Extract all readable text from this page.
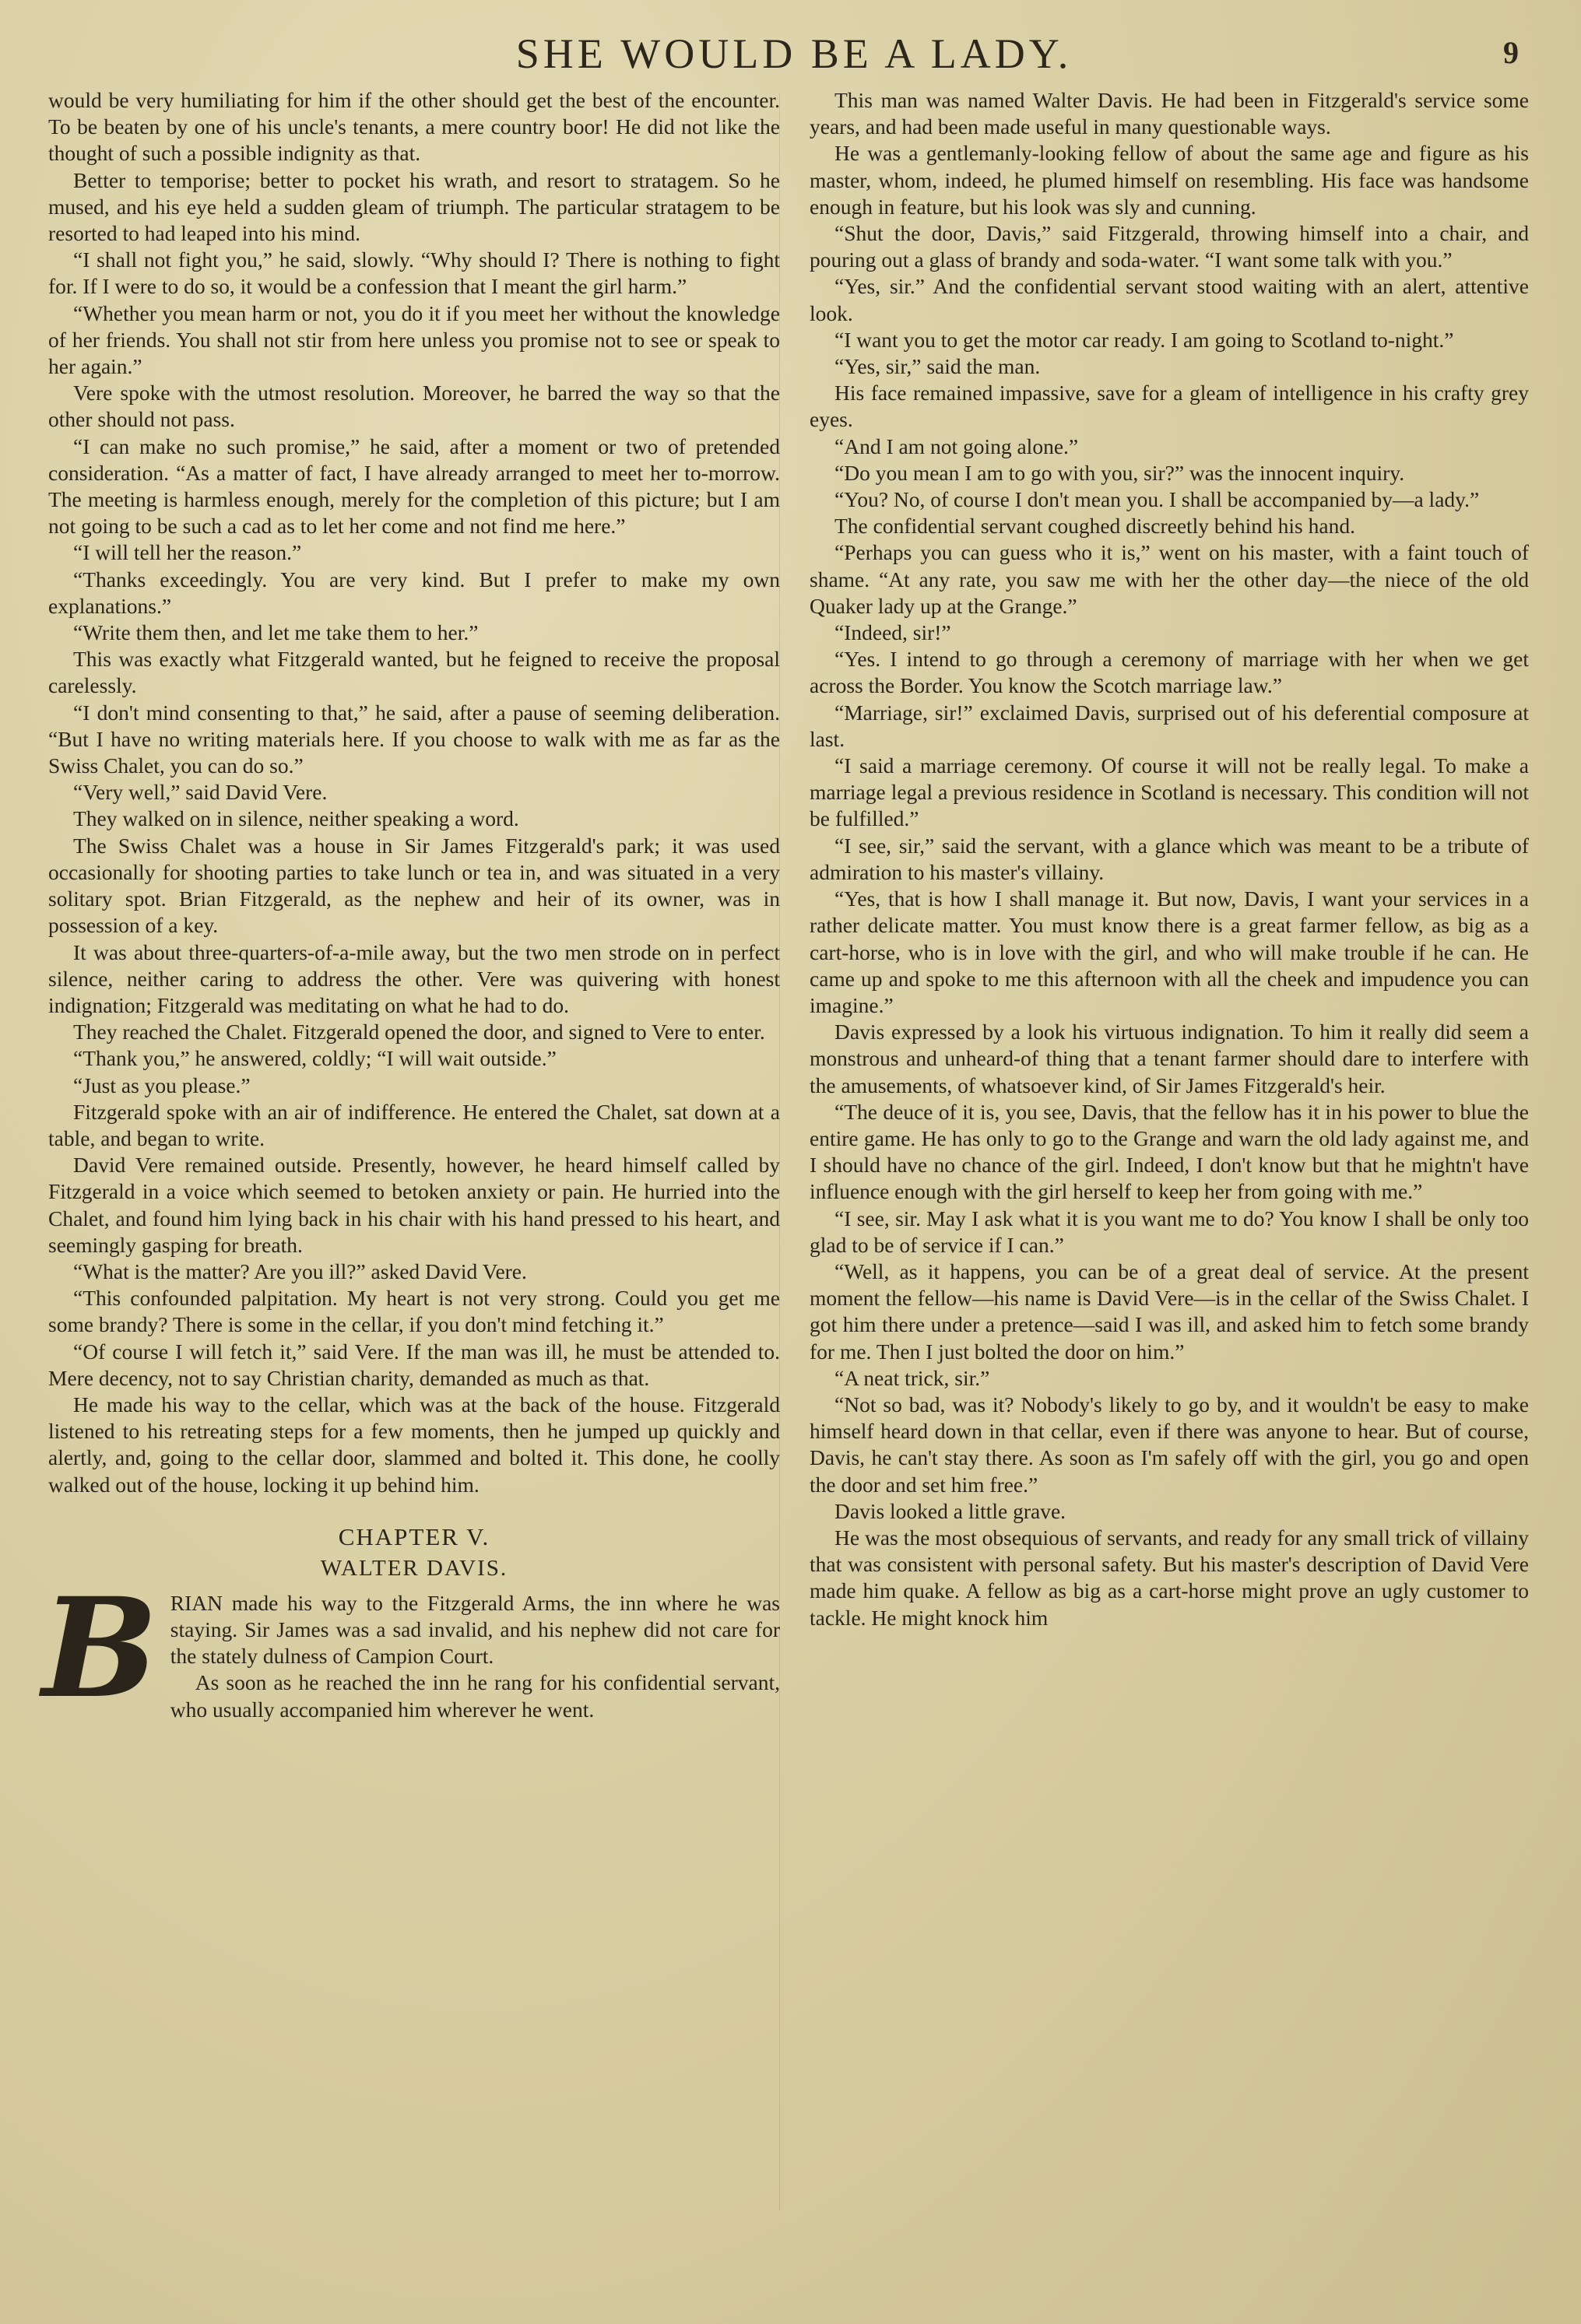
SHE WOULD BE A LADY.	9

would be very humiliating for him if the other should get the best of the encounter. To be beaten by one of his uncle's tenants, a mere country boor! He did not like the thought of such a possible indignity as that.

Better to temporise; better to pocket his wrath, and resort to stratagem. So he mused, and his eye held a sudden gleam of triumph. The particular stratagem to be resorted to had leaped into his mind.

“I shall not fight you,” he said, slowly. “Why should I? There is nothing to fight for. If I were to do so, it would be a confession that I meant the girl harm.”

“Whether you mean harm or not, you do it if you meet her without the knowledge of her friends. You shall not stir from here unless you promise not to see or speak to her again.”

Vere spoke with the utmost resolution. Moreover, he barred the way so that the other should not pass.

“I can make no such promise,” he said, after a moment or two of pretended consideration. “As a matter of fact, I have already arranged to meet her to-morrow. The meeting is harmless enough, merely for the completion of this picture; but I am not going to be such a cad as to let her come and not find me here.”

“I will tell her the reason.”

“Thanks exceedingly. You are very kind. But I prefer to make my own explanations.”

“Write them then, and let me take them to her.”

This was exactly what Fitzgerald wanted, but he feigned to receive the proposal carelessly.

“I don't mind consenting to that,” he said, after a pause of seeming deliberation. “But I have no writing materials here. If you choose to walk with me as far as the Swiss Chalet, you can do so.”

“Very well,” said David Vere.

They walked on in silence, neither speaking a word.

The Swiss Chalet was a house in Sir James Fitzgerald's park; it was used occasionally for shooting parties to take lunch or tea in, and was situated in a very solitary spot. Brian Fitzgerald, as the nephew and heir of its owner, was in possession of a key.

It was about three-quarters-of-a-mile away, but the two men strode on in perfect silence, neither caring to address the other. Vere was quivering with honest indignation; Fitzgerald was meditating on what he had to do.

They reached the Chalet. Fitzgerald opened the door, and signed to Vere to enter.

“Thank you,” he answered, coldly; “I will wait outside.”

“Just as you please.”

Fitzgerald spoke with an air of indifference. He entered the Chalet, sat down at a table, and began to write.

David Vere remained outside. Presently, however, he heard himself called by Fitzgerald in a voice which seemed to betoken anxiety or pain. He hurried into the Chalet, and found him lying back in his chair with his hand pressed to his heart, and seemingly gasping for breath.

“What is the matter? Are you ill?” asked David Vere.

“This confounded palpitation. My heart is not very strong. Could you get me some brandy? There is some in the cellar, if you don't mind fetching it.”

“Of course I will fetch it,” said Vere. If the man was ill, he must be attended to. Mere decency, not to say Christian charity, demanded as much as that.

He made his way to the cellar, which was at the back of the house. Fitzgerald listened to his retreating steps for a few moments, then he jumped up quickly and alertly, and, going to the cellar door, slammed and bolted it. This done, he coolly walked out of the house, locking it up behind him.

CHAPTER V.
WALTER DAVIS.

BRIAN made his way to the Fitzgerald Arms, the inn where he was staying. Sir James was a sad invalid, and his nephew did not care for the stately dulness of Campion Court.

As soon as he reached the inn he rang for his confidential servant, who usually accompanied him wherever he went.

This man was named Walter Davis. He had been in Fitzgerald's service some years, and had been made useful in many questionable ways.

He was a gentlemanly-looking fellow of about the same age and figure as his master, whom, indeed, he plumed himself on resembling. His face was handsome enough in feature, but his look was sly and cunning.

“Shut the door, Davis,” said Fitzgerald, throwing himself into a chair, and pouring out a glass of brandy and soda-water. “I want some talk with you.”

“Yes, sir.” And the confidential servant stood waiting with an alert, attentive look.

“I want you to get the motor car ready. I am going to Scotland to-night.”

“Yes, sir,” said the man.

His face remained impassive, save for a gleam of intelligence in his crafty grey eyes.

“And I am not going alone.”

“Do you mean I am to go with you, sir?” was the innocent inquiry.

“You? No, of course I don't mean you. I shall be accompanied by—a lady.”

The confidential servant coughed discreetly behind his hand.

“Perhaps you can guess who it is,” went on his master, with a faint touch of shame. “At any rate, you saw me with her the other day—the niece of the old Quaker lady up at the Grange.”

“Indeed, sir!”

“Yes. I intend to go through a ceremony of marriage with her when we get across the Border. You know the Scotch marriage law.”

“Marriage, sir!” exclaimed Davis, surprised out of his deferential composure at last.

“I said a marriage ceremony. Of course it will not be really legal. To make a marriage legal a previous residence in Scotland is necessary. This condition will not be fulfilled.”

“I see, sir,” said the servant, with a glance which was meant to be a tribute of admiration to his master's villainy.

“Yes, that is how I shall manage it. But now, Davis, I want your services in a rather delicate matter. You must know there is a great farmer fellow, as big as a cart-horse, who is in love with the girl, and who will make trouble if he can. He came up and spoke to me this afternoon with all the cheek and impudence you can imagine.”

Davis expressed by a look his virtuous indignation. To him it really did seem a monstrous and unheard-of thing that a tenant farmer should dare to interfere with the amusements, of whatsoever kind, of Sir James Fitzgerald's heir.

“The deuce of it is, you see, Davis, that the fellow has it in his power to blue the entire game. He has only to go to the Grange and warn the old lady against me, and I should have no chance of the girl. Indeed, I don't know but that he mightn't have influence enough with the girl herself to keep her from going with me.”

“I see, sir. May I ask what it is you want me to do? You know I shall be only too glad to be of service if I can.”

“Well, as it happens, you can be of a great deal of service. At the present moment the fellow—his name is David Vere—is in the cellar of the Swiss Chalet. I got him there under a pretence—said I was ill, and asked him to fetch some brandy for me. Then I just bolted the door on him.”

“A neat trick, sir.”

“Not so bad, was it? Nobody's likely to go by, and it wouldn't be easy to make himself heard down in that cellar, even if there was anyone to hear. But of course, Davis, he can't stay there. As soon as I'm safely off with the girl, you go and open the door and set him free.”

Davis looked a little grave.

He was the most obsequious of servants, and ready for any small trick of villainy that was consistent with personal safety. But his master's description of David Vere made him quake. A fellow as big as a cart-horse might prove an ugly customer to tackle. He might knock him
